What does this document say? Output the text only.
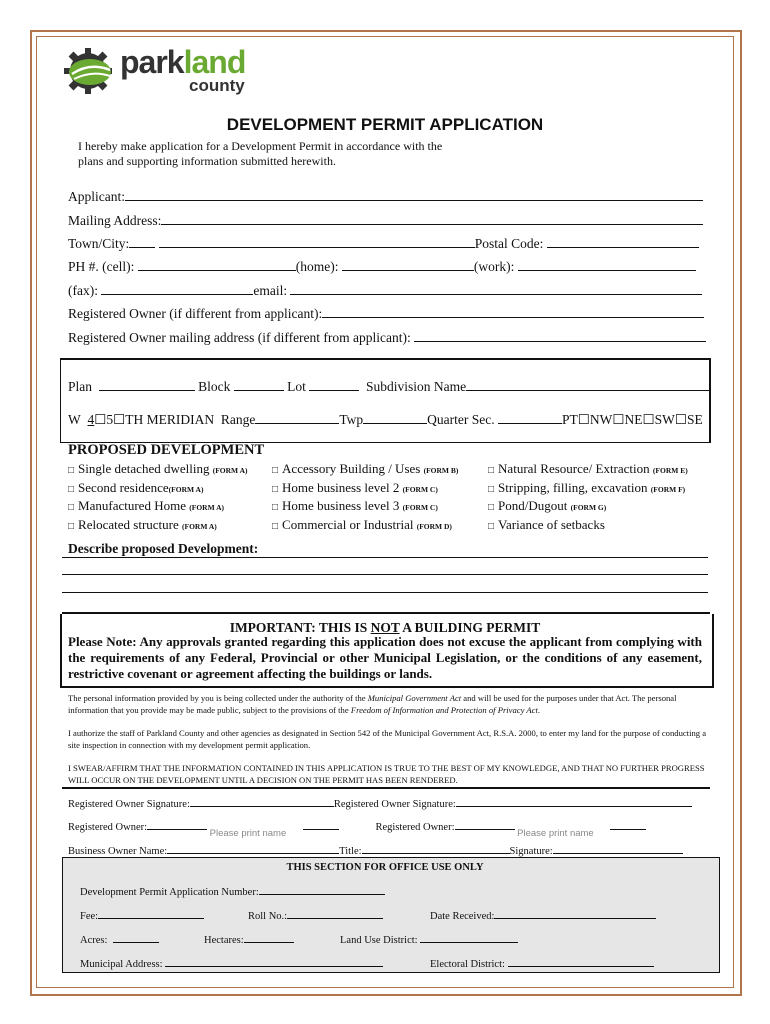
parkland
county
DEVELOPMENT PERMIT APPLICATION
I hereby make application for a Development Permit in accordance with the plans and supporting information submitted herewith.
Applicant:
Mailing Address:
Town/City:	Postal Code:
PH #. (cell):	(home):	(work):
(fax):	email:
Registered Owner (if different from applicant):
Registered Owner mailing address (if different from applicant):
Plan	Block	Lot	Subdivision Name
W 4☐5☐TH MERIDIAN Range	Twp	Quarter Sec.	PT☐NW☐NE☐SW☐SE
PROPOSED DEVELOPMENT
□ Single detached dwelling (FORM A)
□ Second residence(FORM A)
□ Manufactured Home (FORM A)
□ Relocated structure (FORM A)
□ Accessory Building / Uses (FORM B)
□ Home business level 2 (FORM C)
□ Home business level 3 (FORM C)
□ Commercial or Industrial (FORM D)
□ Natural Resource/ Extraction (FORM E)
□ Stripping, filling, excavation (FORM F)
□ Pond/Dugout (FORM G)
□ Variance of setbacks
Describe proposed Development:
IMPORTANT: THIS IS NOT A BUILDING PERMIT
Please Note: Any approvals granted regarding this application does not excuse the applicant from complying with the requirements of any Federal, Provincial or other Municipal Legislation, or the conditions of any easement, restrictive covenant or agreement affecting the buildings or lands.
The personal information provided by you is being collected under the authority of the Municipal Government Act and will be used for the purposes under that Act. The personal information that you provide may be made public, subject to the provisions of the Freedom of Information and Protection of Privacy Act.
I authorize the staff of Parkland County and other agencies as designated in Section 542 of the Municipal Government Act, R.S.A. 2000, to enter my land for the purpose of conducting a site inspection in connection with my development permit application.
I SWEAR/AFFIRM THAT THE INFORMATION CONTAINED IN THIS APPLICATION IS TRUE TO THE BEST OF MY KNOWLEDGE, AND THAT NO FURTHER PROGRESS WILL OCCUR ON THE DEVELOPMENT UNTIL A DECISION ON THE PERMIT HAS BEEN RENDERED.
Registered Owner Signature:	Registered Owner Signature:
Registered Owner: Please print name  Registered Owner: Please print name
Business Owner Name:	Title:	Signature:
THIS SECTION FOR OFFICE USE ONLY
Development Permit Application Number:
Fee:	Roll No.:	Date Received:
Acres:	Hectares:	Land Use District:
Municipal Address:	Electoral District:
